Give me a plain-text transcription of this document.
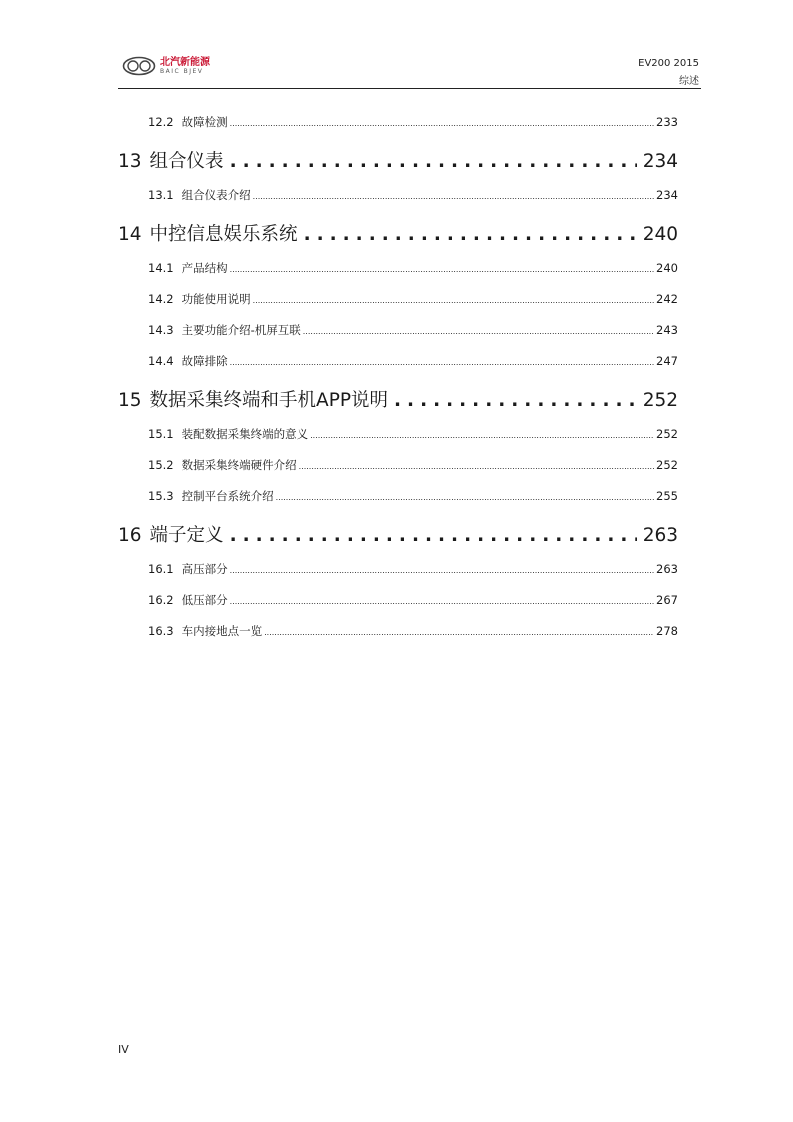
北汽新能源
BAIC BJEV
EV200 2015
综述
12.2 故障检测 .....	233
13 组合仪表 .....	234
13.1 组合仪表介绍 .....	234
14 中控信息娱乐系统 .....	240
14.1 产品结构 .....	240
14.2 功能使用说明 .....	242
14.3 主要功能介绍-机屏互联 .....	243
14.4 故障排除 .....	247
15 数据采集终端和手机APP说明 .....	252
15.1 装配数据采集终端的意义 .....	252
15.2 数据采集终端硬件介绍 .....	252
15.3 控制平台系统介绍 .....	255
16 端子定义 .....	263
16.1 高压部分 .....	263
16.2 低压部分 .....	267
16.3 车内接地点一览 .....	278
IV
